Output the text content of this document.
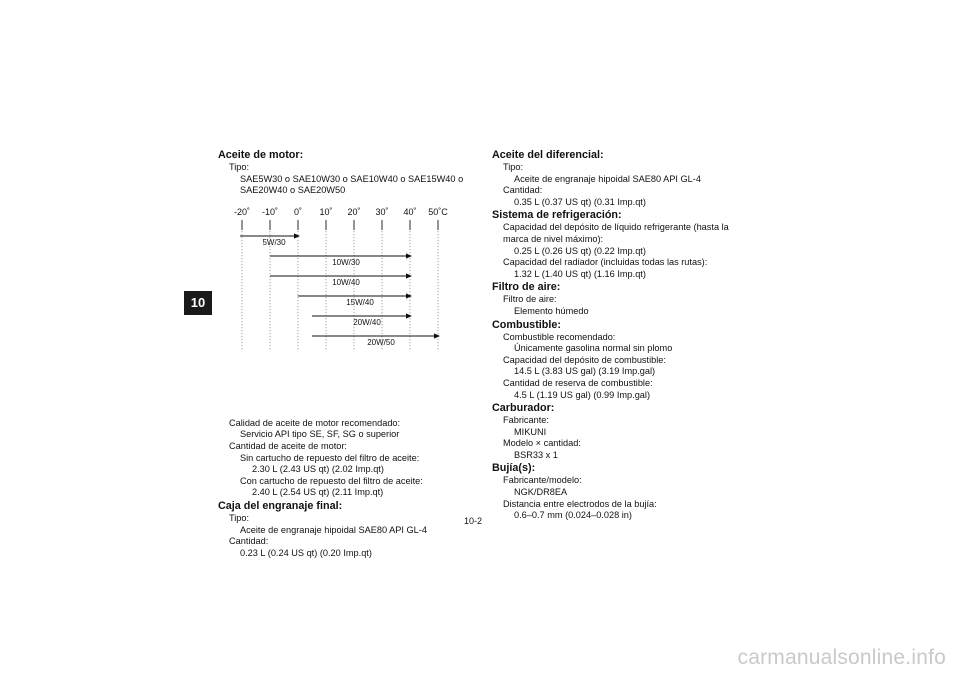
10
Aceite de motor:
Tipo:
SAE5W30 o SAE10W30 o SAE10W40 o SAE15W40 o
SAE20W40 o SAE20W50
Calidad de aceite de motor recomendado:
Servicio API tipo SE, SF, SG o superior
Cantidad de aceite de motor:
Sin cartucho de repuesto del filtro de aceite:
2.30 L (2.43 US qt) (2.02 Imp.qt)
Con cartucho de repuesto del filtro de aceite:
2.40 L (2.54 US qt) (2.11 Imp.qt)
Caja del engranaje final:
Tipo:
Aceite de engranaje hipoidal SAE80 API GL-4
Cantidad:
0.23 L (0.24 US qt) (0.20 Imp.qt)
-20˚ -10˚ 0˚ 10˚ 20˚ 30˚ 40˚ 50˚C
5W/30
10W/30
10W/40
15W/40
20W/40
20W/50
Aceite del diferencial:
Tipo:
Aceite de engranaje hipoidal SAE80 API GL-4
Cantidad:
0.35 L (0.37 US qt) (0.31 Imp.qt)
Sistema de refrigeración:
Capacidad del depósito de líquido refrigerante (hasta la
marca de nivel máximo):
0.25 L (0.26 US qt) (0.22 Imp.qt)
Capacidad del radiador (incluidas todas las rutas):
1.32 L (1.40 US qt) (1.16 Imp.qt)
Filtro de aire:
Filtro de aire:
Elemento húmedo
Combustible:
Combustible recomendado:
Únicamente gasolina normal sin plomo
Capacidad del depósito de combustible:
14.5 L (3.83 US gal) (3.19 Imp.gal)
Cantidad de reserva de combustible:
4.5 L (1.19 US gal) (0.99 Imp.gal)
Carburador:
Fabricante:
MIKUNI
Modelo × cantidad:
BSR33 x 1
Bujía(s):
Fabricante/modelo:
NGK/DR8EA
Distancia entre electrodos de la bujía:
0.6–0.7 mm (0.024–0.028 in)
10-2
carmanualsonline.info
